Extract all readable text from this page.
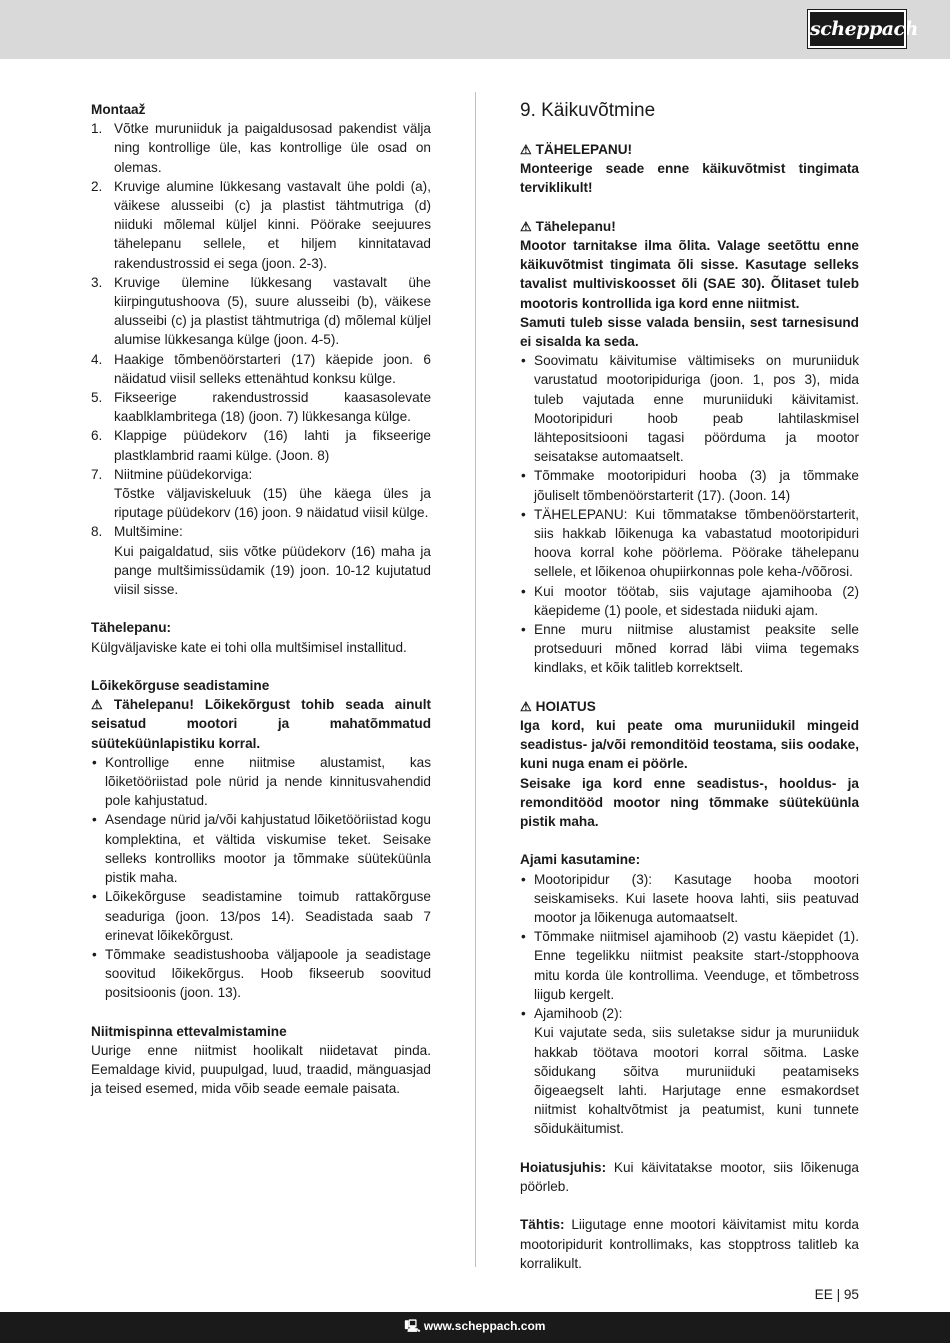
scheppach

Montaaž

1. Võtke muruniiduk ja paigaldusosad pakendist välja ning kontrollige üle, kas kontrollige üle osad on olemas.
2. Kruvige alumine lükkesang vastavalt ühe poldi (a), väikese alusseibi (c) ja plastist tähtmutriga (d) niiduki mõlemal küljel kinni. Pöörake seejuures tähelepanu sellele, et hiljem kinnitatavad rakendustrossid ei sega (joon. 2-3).
3. Kruvige ülemine lükkesang vastavalt ühe kiirpingutushoova (5), suure alusseibi (b), väikese alusseibi (c) ja plastist tähtmutriga (d) mõlemal küljel alumise lükkesanga külge (joon. 4-5).
4. Haakige tõmbenöörstarteri (17) käepide joon. 6 näidatud viisil selleks ettenähtud konksu külge.
5. Fikseerige rakendustrossid kaasasolevate kaablklambritega (18) (joon. 7) lükkesanga külge.
6. Klappige püüdekorv (16) lahti ja fikseerige plastklambrid raami külge. (Joon. 8)
7. Niitmine püüdekorviga:
Tõstke väljaviskeluuk (15) ühe käega üles ja riputage püüdekorv (16) joon. 9 näidatud viisil külge.
8. Multšimine:
Kui paigaldatud, siis võtke püüdekorv (16) maha ja pange multšimissüdamik (19) joon. 10-12 kujutatud viisil sisse.

Tähelepanu:

Külgväljaviske kate ei tohi olla multšimisel installitud.

Lõikekõrguse seadistamine

⚠ Tähelepanu! Lõikekõrgust tohib seada ainult seisatud mootori ja mahatõmmatud süüteküünlapistiku korral.

• Kontrollige enne niitmise alustamist, kas lõiketööriistad pole nürid ja nende kinnitusvahendid pole kahjustatud.
• Asendage nürid ja/või kahjustatud lõiketööriistad kogu komplektina, et vältida viskumise teket. Seisake selleks kontrolliks mootor ja tõmmake süüteküünla pistik maha.
• Lõikekõrguse seadistamine toimub rattakõrguse seaduriga (joon. 13/pos 14). Seadistada saab 7 erinevat lõikekõrgust.
• Tõmmake seadistushooba väljapoole ja seadistage soovitud lõikekõrgus. Hoob fikseerub soovitud positsioonis (joon. 13).

Niitmispinna ettevalmistamine

Uurige enne niitmist hoolikalt niidetavat pinda. Eemaldage kivid, puupulgad, luud, traadid, mänguasjad ja teised esemed, mida võib seade eemale paisata.

9. Käikuvõtmine

⚠ TÄHELEPANU!

Monteerige seade enne käikuvõtmist tingimata terviklikult!

⚠ Tähelepanu!

Mootor tarnitakse ilma õlita. Valage seetõttu enne käikuvõtmist tingimata õli sisse. Kasutage selleks tavalist multiviskoosset õli (SAE 30). Õlitaset tuleb mootoris kontrollida iga kord enne niitmist.

Samuti tuleb sisse valada bensiin, sest tarnesisund ei sisalda ka seda.

• Soovimatu käivitumise vältimiseks on muruniiduk varustatud mootoripiduriga (joon. 1, pos 3), mida tuleb vajutada enne muruniiduki käivitamist. Mootoripiduri hoob peab lahtilaskmisel lähtepositsiooni tagasi pöörduma ja mootor seisatakse automaatselt.
• Tõmmake mootoripiduri hooba (3) ja tõmmake jõuliselt tõmbenöörstarterit (17). (Joon. 14)
• TÄHELEPANU: Kui tõmmatakse tõmbenöörstarterit, siis hakkab lõikenuga ka vabastatud mootoripiduri hoova korral kohe pöörlema. Pöörake tähelepanu sellele, et lõikenoa ohupiirkonnas pole keha-/võõrosi.
• Kui mootor töötab, siis vajutage ajamihooba (2) käepideme (1) poole, et sidestada niiduki ajam.
• Enne muru niitmise alustamist peaksite selle protseduuri mõned korrad läbi viima tegemaks kindlaks, et kõik talitleb korrektselt.

⚠ HOIATUS

Iga kord, kui peate oma muruniidukil mingeid seadistus- ja/või remonditöid teostama, siis oodake, kuni nuga enam ei pöörle.

Seisake iga kord enne seadistus-, hooldus- ja remonditööd mootor ning tõmmake süüteküünla pistik maha.

Ajami kasutamine:

• Mootoripidur (3): Kasutage hooba mootori seiskamiseks. Kui lasete hoova lahti, siis peatuvad mootor ja lõikenuga automaatselt.
• Tõmmake niitmisel ajamihoob (2) vastu käepidet (1). Enne tegelikku niitmist peaksite start-/stopphoova mitu korda üle kontrollima. Veenduge, et tõmbetross liigub kergelt.
• Ajamihoob (2):
Kui vajutate seda, siis suletakse sidur ja muruniiduk hakkab töötava mootori korral sõitma. Laske sõidukang sõitva muruniiduki peatamiseks õigeaegselt lahti. Harjutage enne esmakordset niitmist kohaltvõtmist ja peatumist, kuni tunnete sõidukäitumist.

Hoiatusjuhis: Kui käivitatakse mootor, siis lõikenuga pöörleb.

Tähtis: Liigutage enne mootori käivitamist mitu korda mootoripidurit kontrollimaks, kas stopptross talitleb ka korralikult.

EE | 95
🖳 www.scheppach.com
